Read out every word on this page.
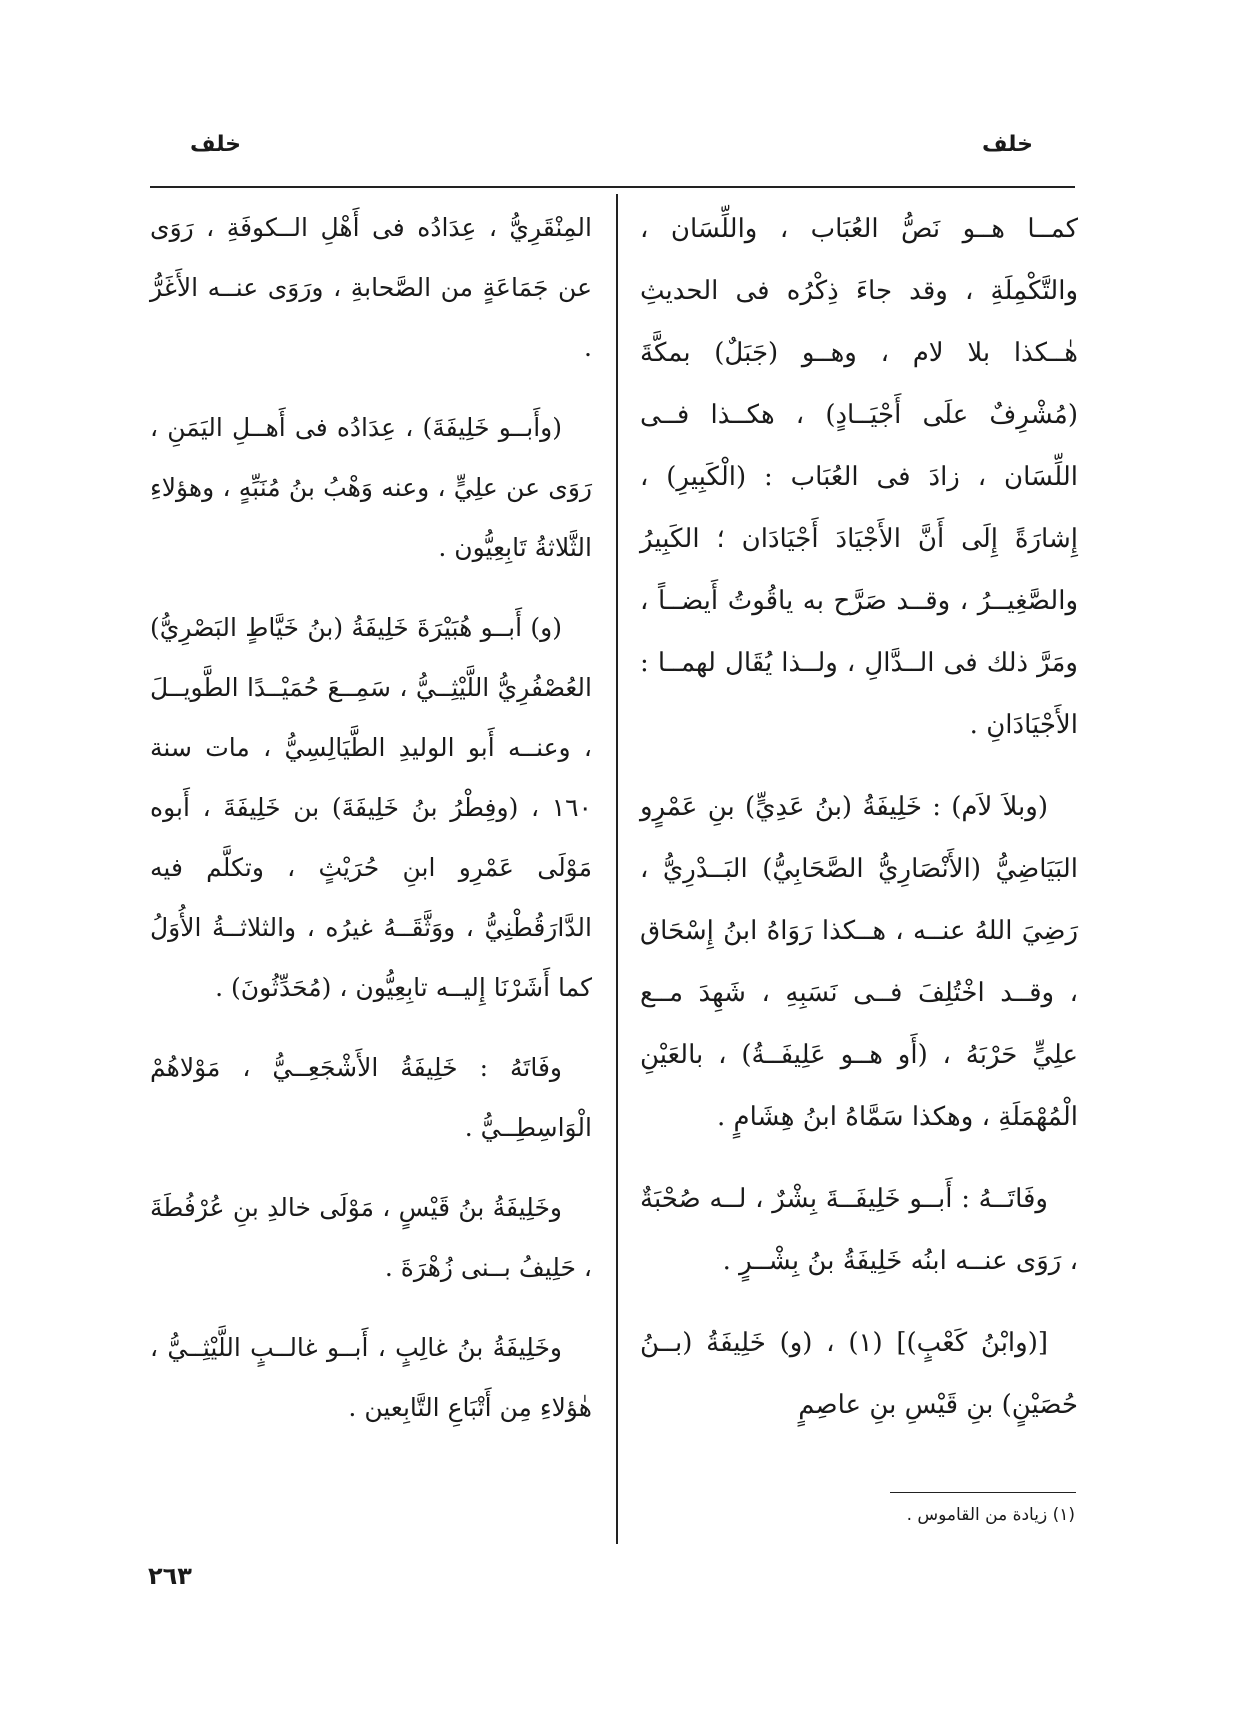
خلف
خلف

كمــا هــو نَصُّ العُبَاب ، واللِّسَان ، والتَّكْمِلَةِ ، وقد جاءَ ذِكْرُه فى الحديثِ هٰــكذا بلا لام ، وهــو (جَبَلٌ) بمكَّةَ (مُشْرِفٌ علَى أَجْيَــادٍ) ، هكــذا فــى اللِّسَان ، زادَ فى العُبَاب : (الْكَبِيرِ) ، إِشارَةً إِلَى أَنَّ الأَجْيَادَ أَجْيَادَان ؛ الكَبِيرُ والصَّغِيــرُ ، وقــد صَرَّح به ياقُوتُ أَيضــاً ، ومَرَّ ذلك فى الــدَّالِ ، ولــذا يُقَال لهمــا : الأَجْيَادَانِ .

(وبلاَ لاَم) : خَلِيفَةُ (بنُ عَدِيٍّ) بنِ عَمْرٍو البَيَاضِيُّ (الأَنْصَارِيُّ الصَّحَابِيُّ) البَــدْرِيُّ ، رَضِيَ اللهُ عنــه ، هــكذا رَوَاهُ ابنُ إِسْحَاق ، وقــد اخْتُلِفَ فــى نَسَبِهِ ، شَهِدَ مــع علِيٍّ حَرْبَهُ ، (أَو هــو عَلِيفَــةُ) ، بالعَيْنِ الْمُهْمَلَةِ ، وهكذا سَمَّاهُ ابنُ هِشَامٍ .

وفَاتَــهُ : أَبــو خَلِيفَــةَ بِشْرٌ ، لــه صُحْبَةٌ ، رَوَى عنــه ابنُه خَلِيفَةُ بنُ بِشْــرٍ .

[(وابْنُ كَعْبٍ)] (١) ، (و) خَلِيفَةُ (بــنُ حُصَيْنٍ) بنِ قَيْسِ بنِ عاصِمٍ

المِنْقَرِيُّ ، عِدَادُه فى أَهْلِ الــكوفَةِ ، رَوَى عن جَمَاعَةٍ من الصَّحابةِ ، ورَوَى عنــه الأَغَرُّ .

(وأَبــو خَلِيفَةَ) ، عِدَادُه فى أَهــلِ اليَمَنِ ، رَوَى عن علِيٍّ ، وعنه وَهْبُ بنُ مُنَبِّهٍ ، وهؤلاءِ الثَّلاثةُ تَابِعِيُّون .

(و) أَبــو هُبَيْرَةَ خَلِيفَةُ (بنُ خَيَّاطٍ البَصْرِيُّ) العُصْفُرِيُّ اللَّيْثِــيُّ ، سَمِــعَ حُمَيْــدًا الطَّويــلَ ، وعنــه أَبو الوليدِ الطَّيَالِسِيُّ ، مات سنة ١٦٠ ، (وفِطْرُ بنُ خَلِيفَةَ) بن خَلِيفَةَ ، أَبوه مَوْلَى عَمْرِو ابنِ حُرَيْثٍ ، وتكلَّم فيه الدَّارَقُطْنِيُّ ، ووَثَّقَــهُ غيرُه ، والثلاثــةُ الأُوَلُ كما أَشَرْنَا إِليــه تابِعِيُّون ، (مُحَدِّثُونَ) .

وفَاتَهُ : خَلِيفَةُ الأَشْجَعِــيُّ ، مَوْلاهُمْ الْوَاسِطِــيُّ .

وخَلِيفَةُ بنُ قَيْسٍ ، مَوْلَى خالدِ بنِ عُرْفُطَةَ ، حَلِيفُ بــنى زُهْرَةَ .

وخَلِيفَةُ بنُ غالِبٍ ، أَبــو غالــبٍ اللَّيْثِــيُّ ، هٰؤلاءِ مِن أَتْبَاعِ التَّابِعين .

(١) زيادة من القاموس .
٢٦٣
